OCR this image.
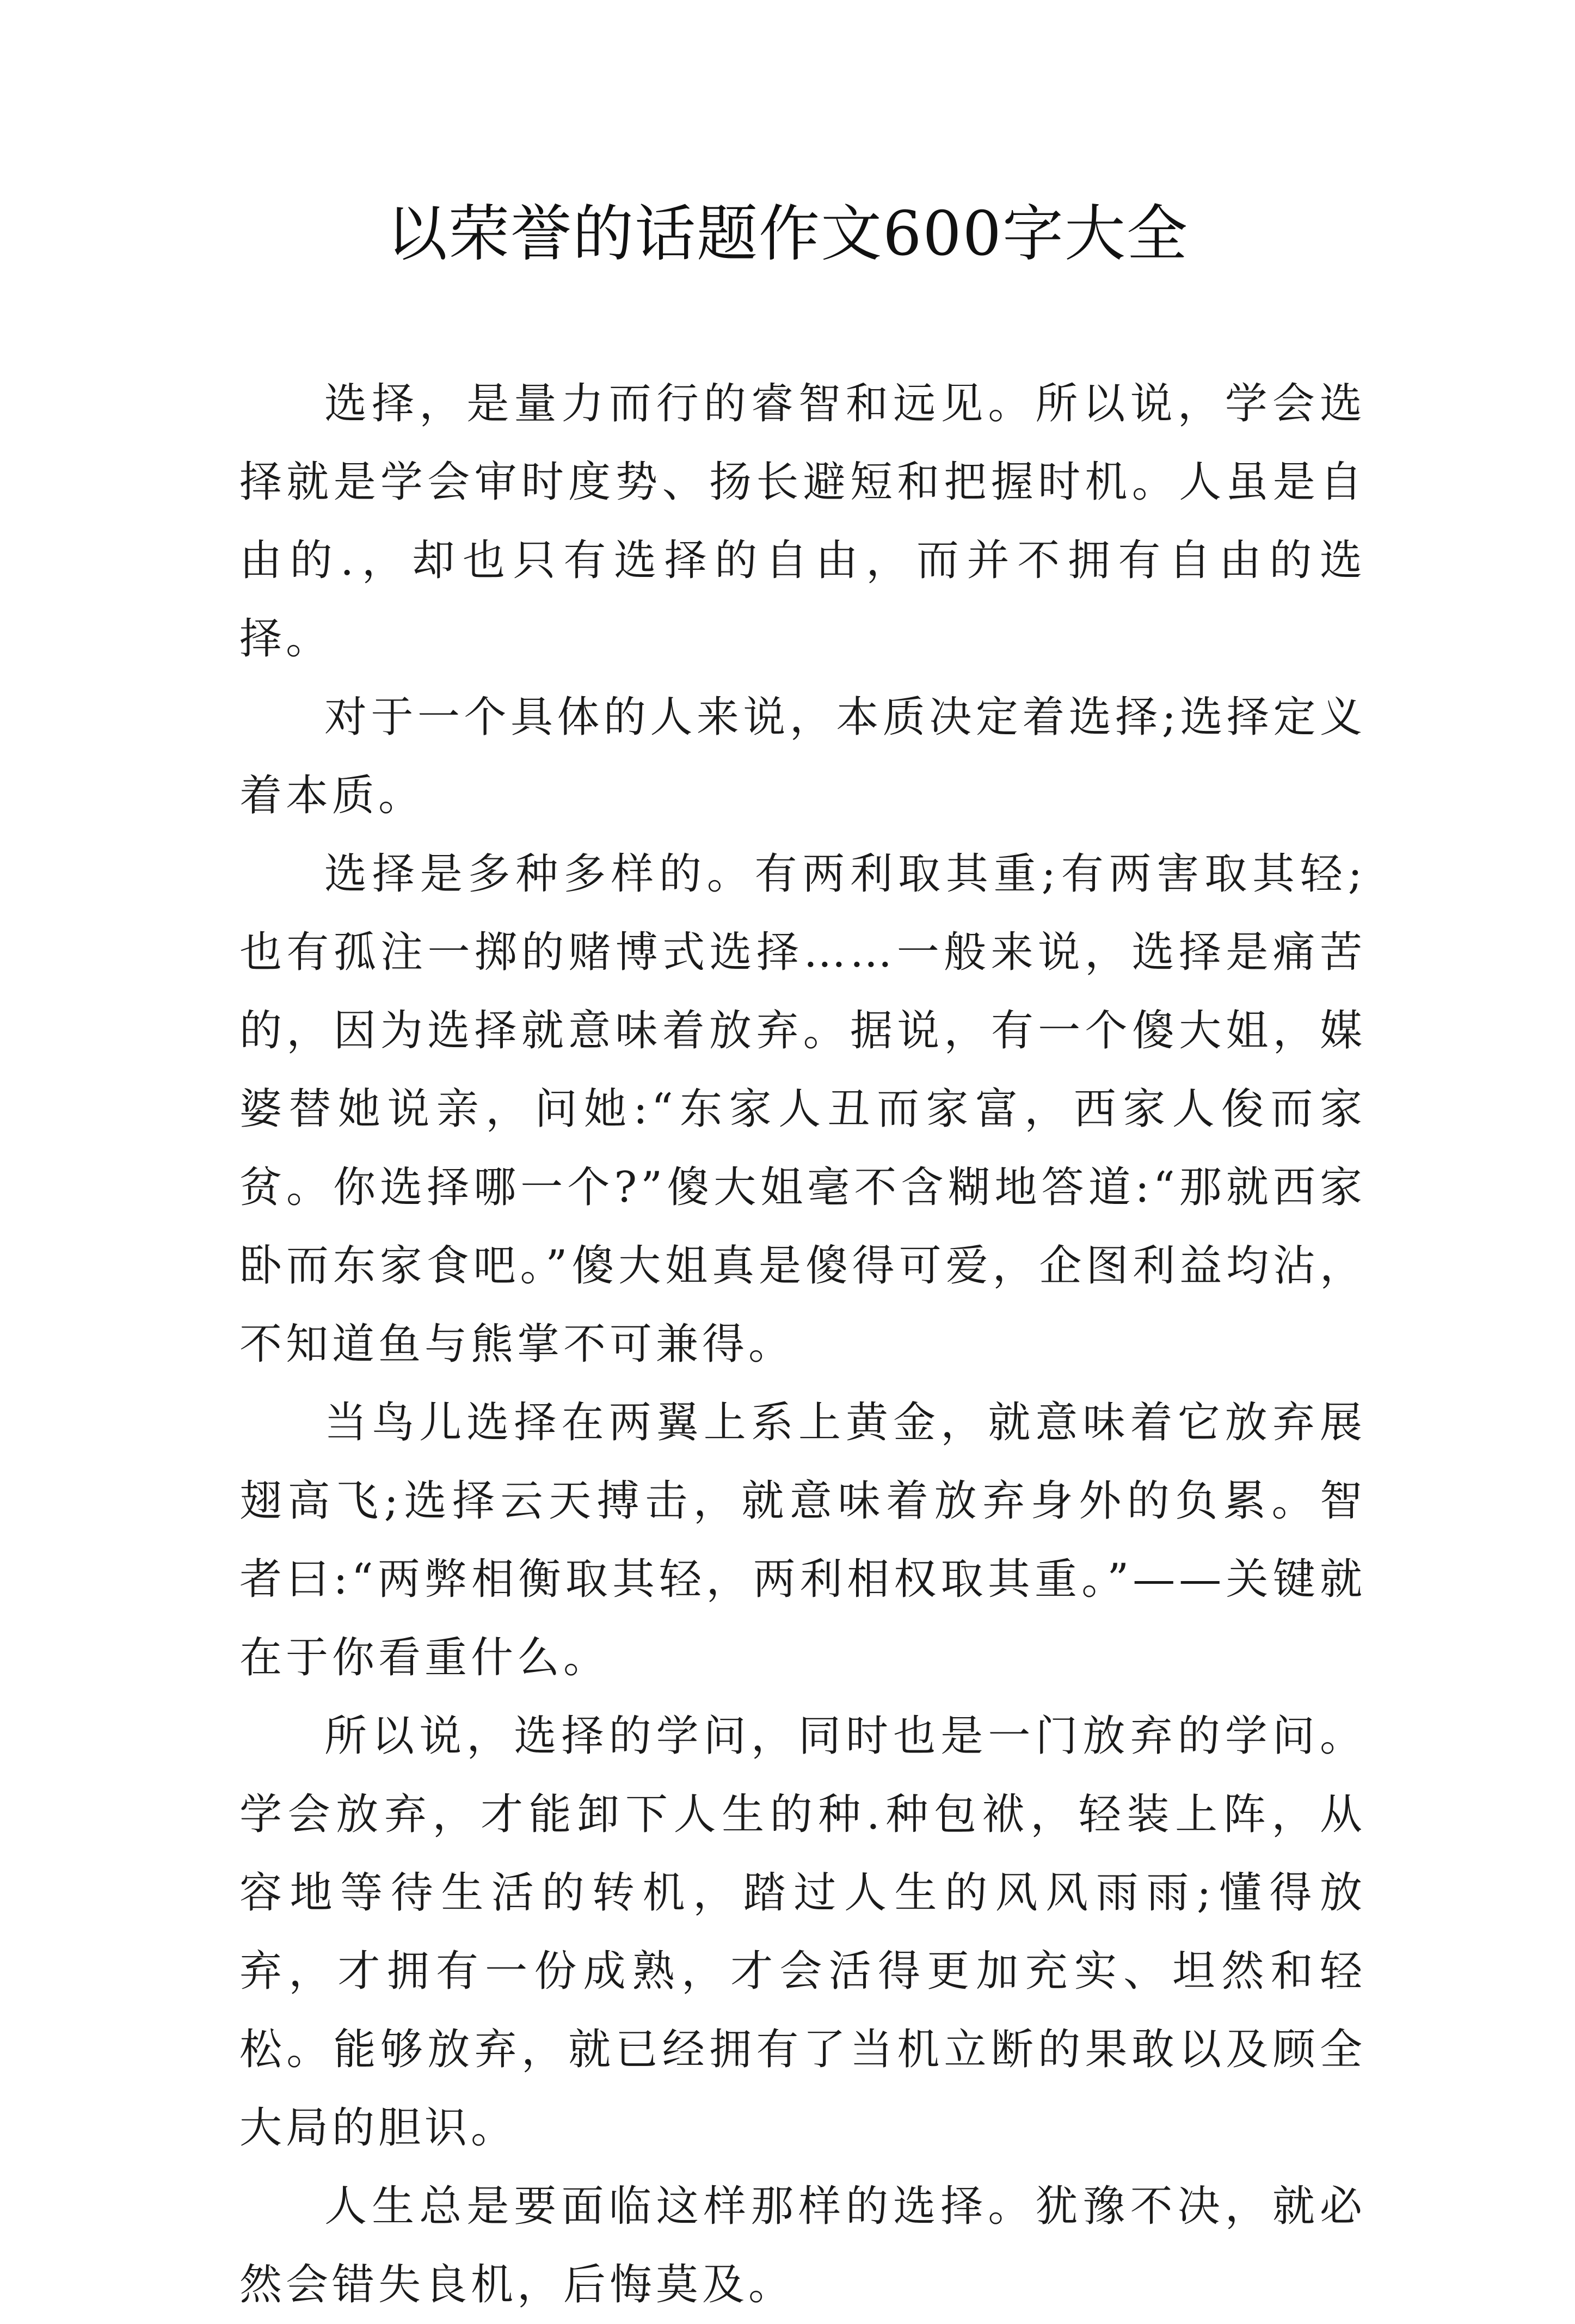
以荣誉的话题作文600字大全

选择，是量力而行的睿智和远见。所以说，学会选择就是学会审时度势、扬长避短和把握时机。人虽是自由的.，却也只有选择的自由，而并不拥有自由的选择。

对于一个具体的人来说，本质决定着选择;选择定义着本质。

选择是多种多样的。有两利取其重;有两害取其轻;也有孤注一掷的赌博式选择……一般来说，选择是痛苦的，因为选择就意味着放弃。据说，有一个傻大姐，媒婆替她说亲，问她:“东家人丑而家富，西家人俊而家贫。你选择哪一个?”傻大姐毫不含糊地答道:“那就西家卧而东家食吧。”傻大姐真是傻得可爱，企图利益均沾，不知道鱼与熊掌不可兼得。

当鸟儿选择在两翼上系上黄金，就意味着它放弃展翅高飞;选择云天搏击，就意味着放弃身外的负累。智者曰:“两弊相衡取其轻，两利相权取其重。”——关键就在于你看重什么。

所以说，选择的学问，同时也是一门放弃的学问。学会放弃，才能卸下人生的种.种包袱，轻装上阵，从容地等待生活的转机，踏过人生的风风雨雨;懂得放弃，才拥有一份成熟，才会活得更加充实、坦然和轻松。能够放弃，就已经拥有了当机立断的果敢以及顾全大局的胆识。

人生总是要面临这样那样的选择。犹豫不决，就必然会错失良机，后悔莫及。
